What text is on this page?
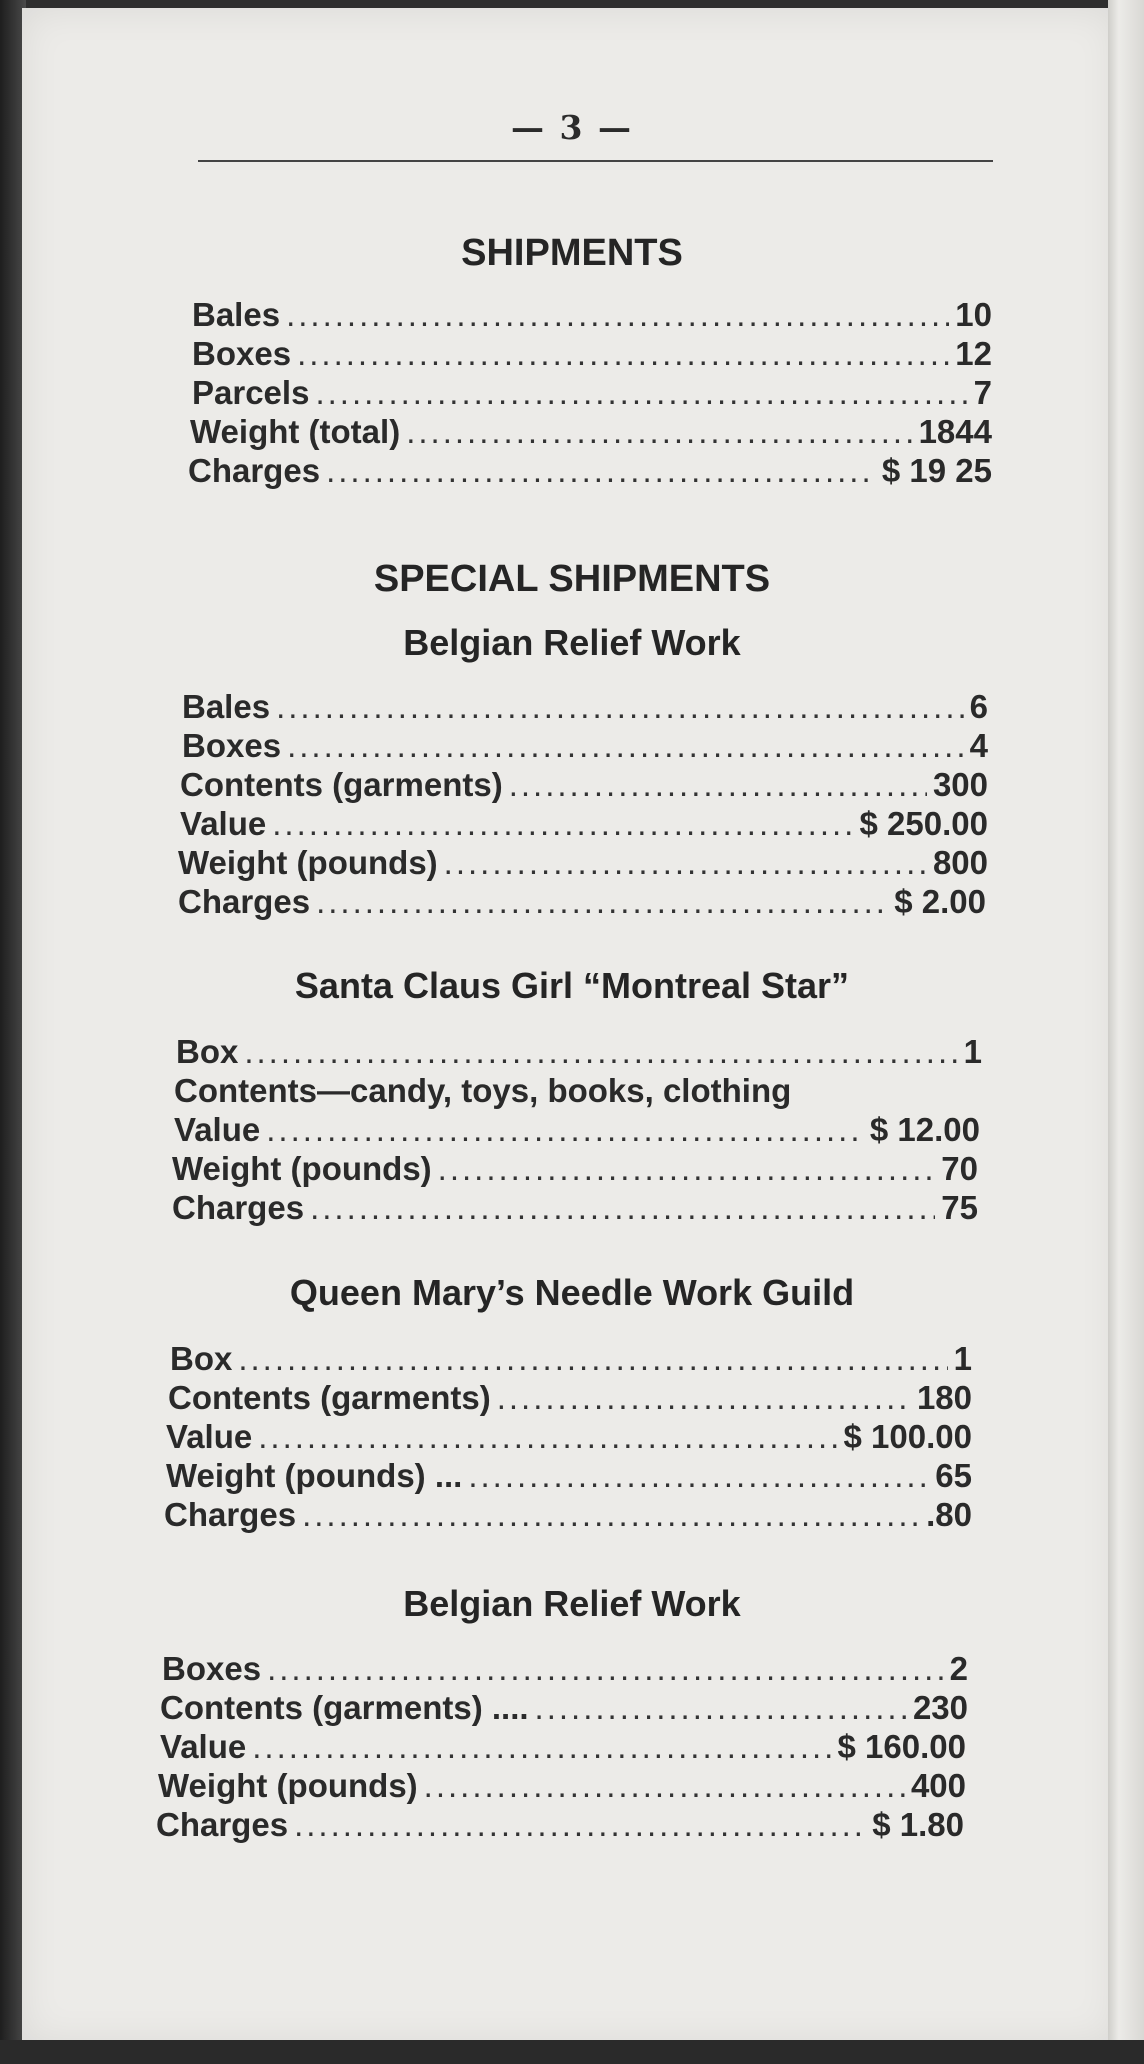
— 3 —
SHIPMENTS
Bales .....	10
Boxes .....	12
Parcels .....	7
Weight (total) .....	1844
Charges .....	$ 19 25
SPECIAL SHIPMENTS
Belgian Relief Work
Bales .....	6
Boxes .....	4
Contents (garments) .....	300
Value .....	$ 250.00
Weight (pounds) .....	800
Charges .....	$ 2.00
Santa Claus Girl “Montreal Star”
Box .....	1
Contents—candy, toys, books, clothing
Value .....	$ 12.00
Weight (pounds) .....	70
Charges .....	75
Queen Mary’s Needle Work Guild
Box .....	1
Contents (garments) .....	180
Value .....	$ 100.00
Weight (pounds) ... .....	65
Charges .....	.80
Belgian Relief Work
Boxes .....	2
Contents (garments) .... .....	230
Value .....	$ 160.00
Weight (pounds) .....	400
Charges .....	$ 1.80
